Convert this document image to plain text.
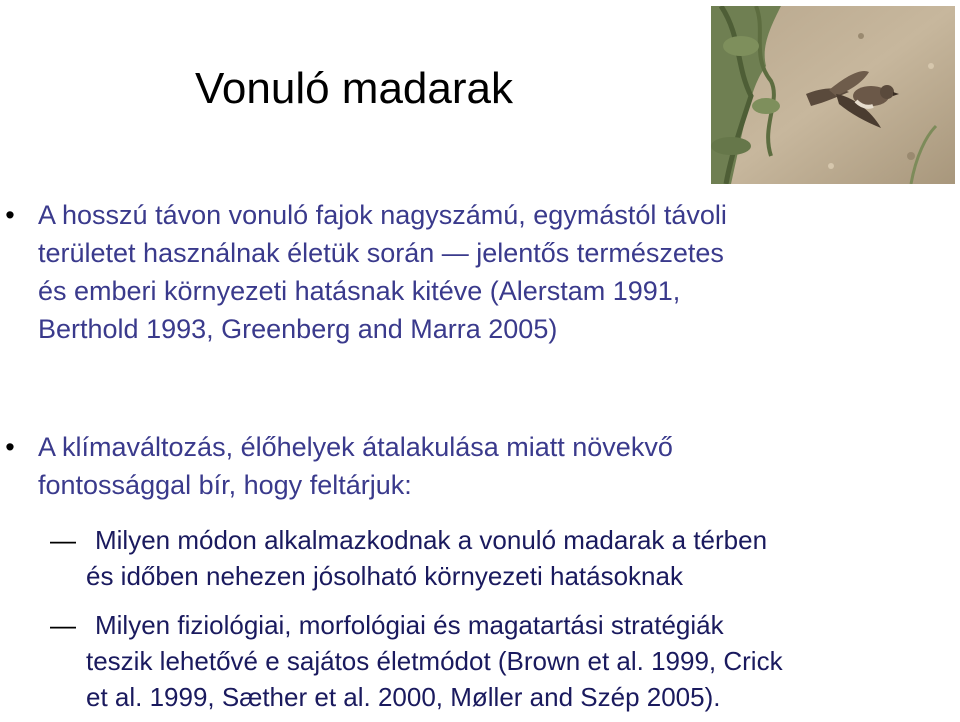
Vonuló madarak
• A hosszú távon vonuló fajok nagyszámú, egymástól távoli
területet használnak életük során — jelentős természetes
és emberi környezeti hatásnak kitéve (Alerstam 1991,
Berthold 1993, Greenberg and Marra 2005)
• A klímaváltozás, élőhelyek átalakulása miatt növekvő
fontossággal bír, hogy feltárjuk:
— Milyen módon alkalmazkodnak a vonuló madarak a térben
és időben nehezen jósolható környezeti hatásoknak
— Milyen fiziológiai, morfológiai és magatartási stratégiák
teszik lehetővé e sajátos életmódot (Brown et al. 1999, Crick
et al. 1999, Sæther et al. 2000, Møller and Szép 2005).
